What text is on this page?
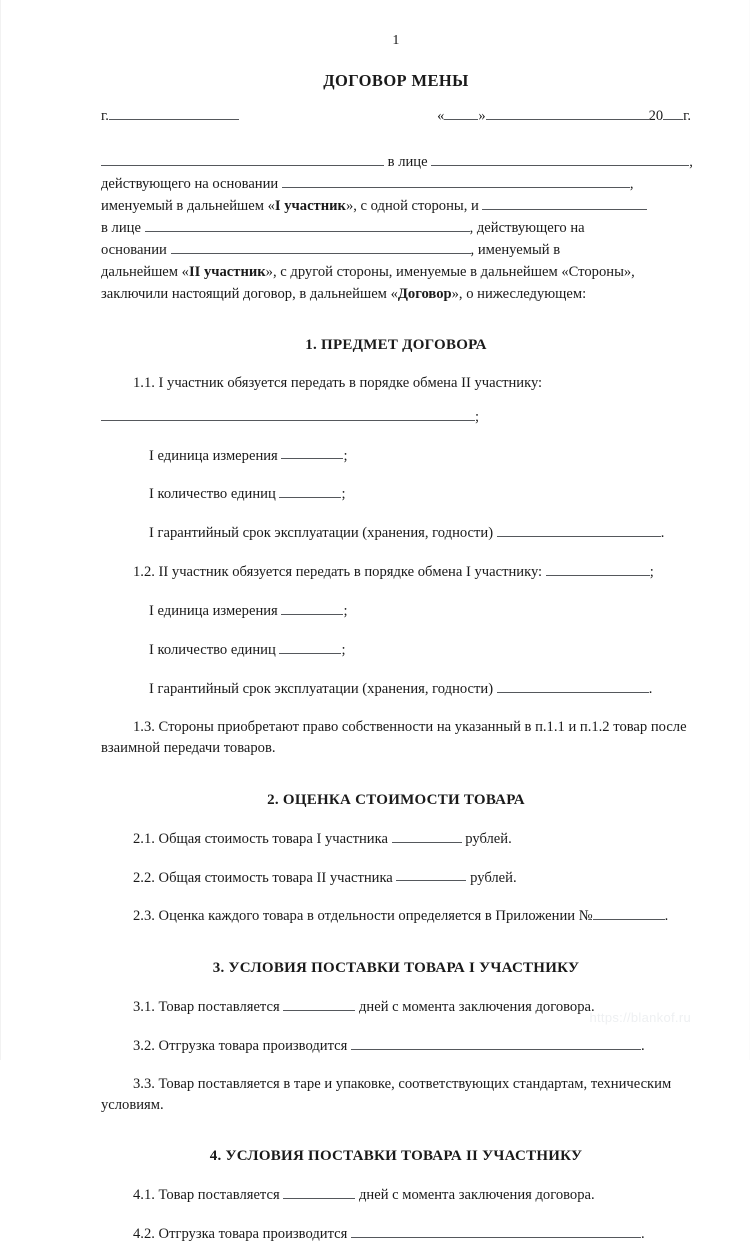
1
ДОГОВОР МЕНЫ
г.	« »	20 г.
в лице	,
действующего на основании	,
именуемый в дальнейшем «I участник», с одной стороны, и
в лице	, действующего на
основании	, именуемый в
дальнейшем «II участник», с другой стороны, именуемые в дальнейшем «Стороны»,
заключили настоящий договор, в дальнейшем «Договор», о нижеследующем:
1. ПРЕДМЕТ ДОГОВОРА
1.1. I участник обязуется передать в порядке обмена II участнику:
;
I единица измерения	;
I количество единиц	;
I гарантийный срок эксплуатации (хранения, годности)	.
1.2. II участник обязуется передать в порядке обмена I участнику:	;
I единица измерения	;
I количество единиц	;
I гарантийный срок эксплуатации (хранения, годности)	.
1.3. Стороны приобретают право собственности на указанный в п.1.1 и п.1.2 товар после взаимной передачи товаров.
2. ОЦЕНКА СТОИМОСТИ ТОВАРА
2.1. Общая стоимость товара I участника	рублей.
2.2. Общая стоимость товара II участника	рублей.
2.3. Оценка каждого товара в отдельности определяется в Приложении №	.
3. УСЛОВИЯ ПОСТАВКИ ТОВАРА I УЧАСТНИКУ
3.1. Товар поставляется	дней с момента заключения договора.
3.2. Отгрузка товара производится	.
3.3. Товар поставляется в таре и упаковке, соответствующих стандартам, техническим условиям.
4. УСЛОВИЯ ПОСТАВКИ ТОВАРА II УЧАСТНИКУ
4.1. Товар поставляется	дней с момента заключения договора.
4.2. Отгрузка товара производится	.
https://blankof.ru
